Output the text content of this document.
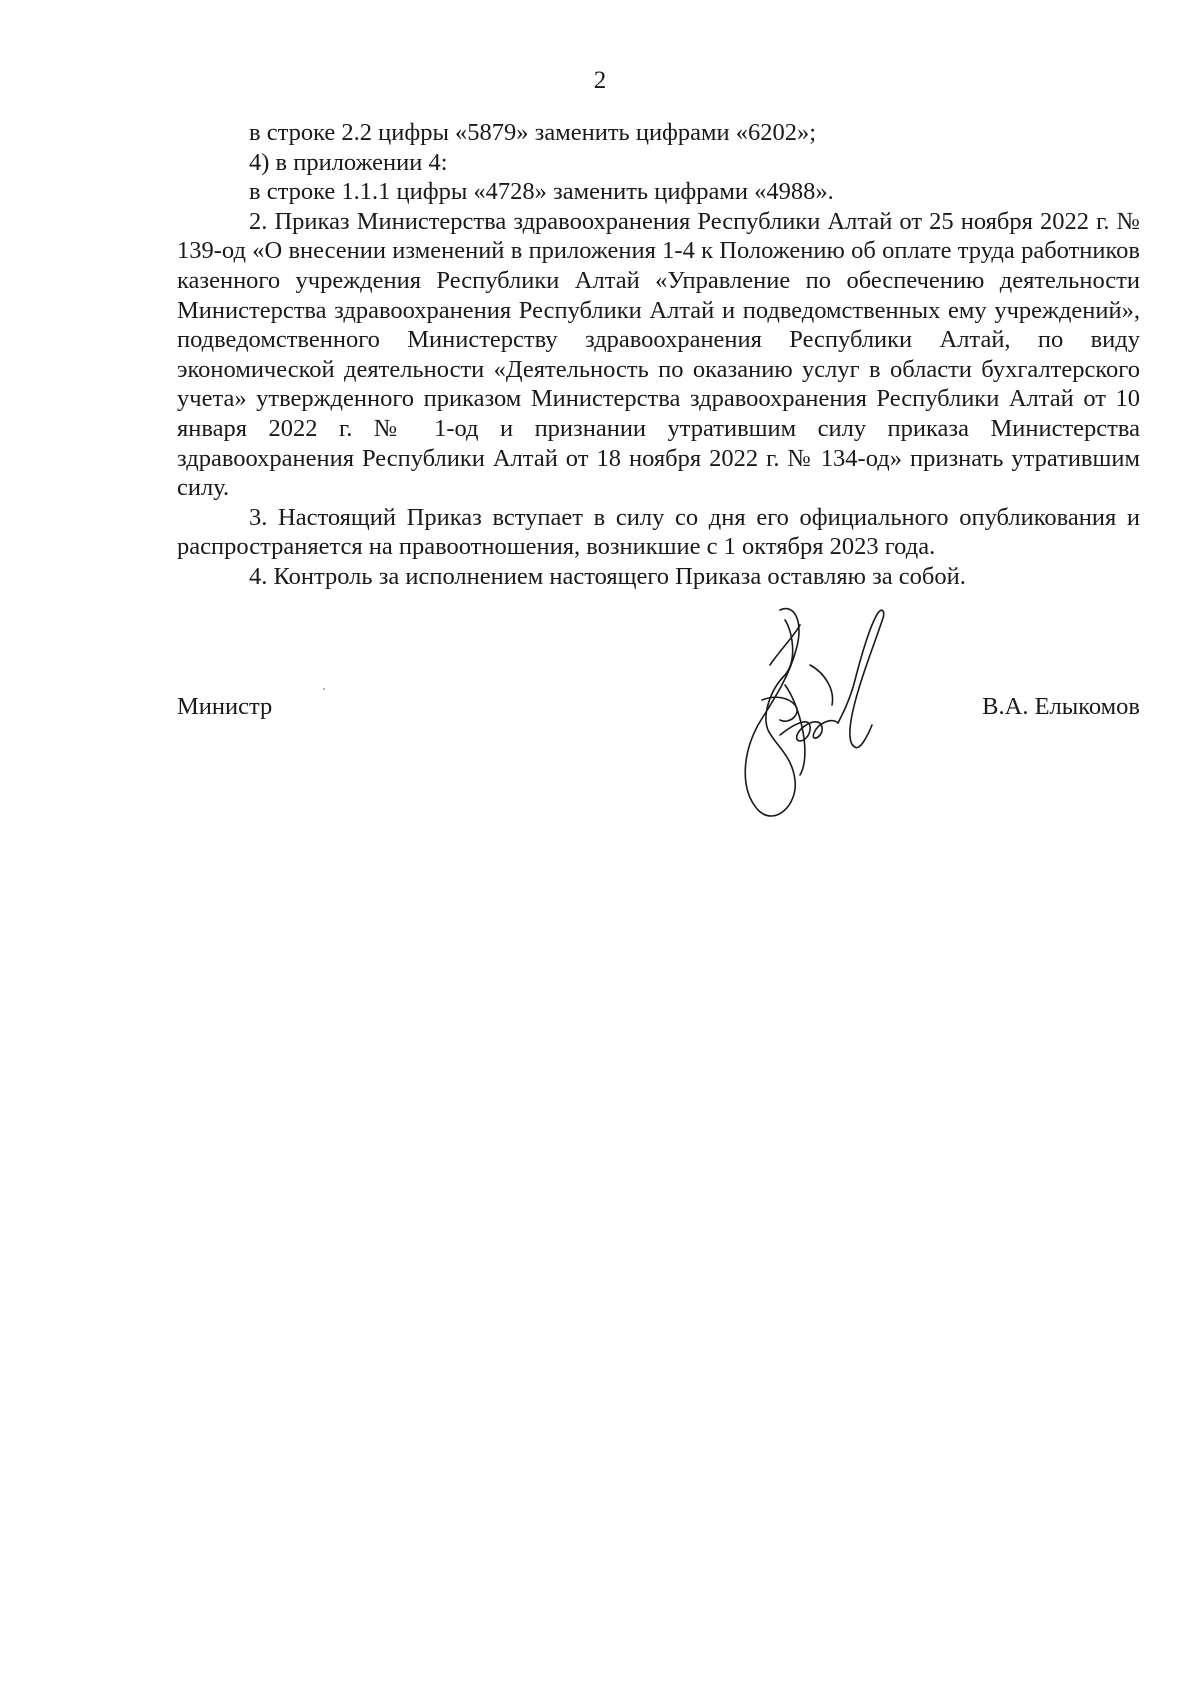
2

в строке 2.2 цифры «5879» заменить цифрами «6202»;

4) в приложении 4:

в строке 1.1.1 цифры «4728» заменить цифрами «4988».

2. Приказ Министерства здравоохранения Республики Алтай от 25 ноября 2022 г. № 139-од «О внесении изменений в приложения 1-4 к Положению об оплате труда работников казенного учреждения Республики Алтай «Управление по обеспечению деятельности Министерства здравоохранения Республики Алтай и подведомственных ему учреждений», подведомственного Министерству здравоохранения Республики Алтай, по виду экономической деятельности «Деятельность по оказанию услуг в области бухгалтерского учета» утвержденного приказом Министерства здравоохранения Республики Алтай от 10 января 2022 г. № 1-од и признании утратившим силу приказа Министерства здравоохранения Республики Алтай от 18 ноября 2022 г. № 134-од» признать утратившим силу.

3. Настоящий Приказ вступает в силу со дня его официального опубликования и распространяется на правоотношения, возникшие с 1 октября 2023 года.

4. Контроль за исполнением настоящего Приказа оставляю за собой.

Министр	В.А. Елыкомов
